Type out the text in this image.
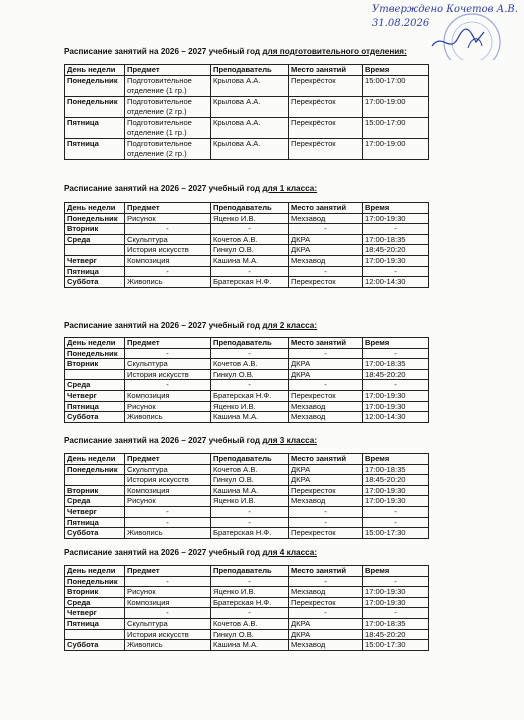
Утверждено Кочетов А.В.
31.08.2026
Расписание занятий на 2026 – 2027 учебный год для подготовительного отделения:
День недели	Предмет	Преподаватель	Место занятий	Время
Понедельник	Подготовительное отделение (1 гр.)	Крылова А.А.	Перекрёсток	15:00-17:00
Понедельник	Подготовительное отделение (2 гр.)	Крылова А.А.	Перекрёсток	17:00-19:00
Пятница	Подготовительное отделение (1 гр.)	Крылова А.А.	Перекрёсток	15:00-17:00
Пятница	Подготовительное отделение (2 гр.)	Крылова А.А.	Перекрёсток	17:00-19:00
Расписание занятий на 2026 – 2027 учебный год для 1 класса:
День недели	Предмет	Преподаватель	Место занятий	Время
Понедельник	Рисунок	Яценко И.В.	Мехзавод	17:00-19:30
Вторник	-	-	-	-
Среда	Скульптура	Кочетов А.В.	ДКРА	17:00-18:35
	История искусств	Гинкул О.В.	ДКРА	18:45-20:20
Четверг	Композиция	Кашина М.А.	Мехзавод	17:00-19:30
Пятница	-	-	-	-
Суббота	Живопись	Братерская Н.Ф.	Перекресток	12:00-14:30
Расписание занятий на 2026 – 2027 учебный год для 2 класса:
День недели	Предмет	Преподаватель	Место занятий	Время
Понедельник	-	-	-	-
Вторник	Скульптура	Кочетов А.В.	ДКРА	17:00-18:35
	История искусств	Гинкул О.В.	ДКРА	18:45-20:20
Среда	-	-	-	-
Четверг	Композиция	Братерская Н.Ф.	Перекресток	17:00-19:30
Пятница	Рисунок	Яценко И.В.	Мехзавод	17:00-19:30
Суббота	Живопись	Кашина М.А.	Мехзавод	12:00-14:30
Расписание занятий на 2026 – 2027 учебный год для 3 класса:
День недели	Предмет	Преподаватель	Место занятий	Время
Понедельник	Скульптура	Кочетов А.В.	ДКРА	17:00-18:35
	История искусств	Гинкул О.В.	ДКРА	18:45-20:20
Вторник	Композиция	Кашина М.А.	Перекресток	17:00-19:30
Среда	Рисунок	Яценко И.В.	Мехзавод	17:00-19:30
Четверг	-	-	-	-
Пятница	-	-	-	-
Суббота	Живопись	Братерская Н.Ф.	Перекресток	15:00-17:30
Расписание занятий на 2026 – 2027 учебный год для 4 класса:
День недели	Предмет	Преподаватель	Место занятий	Время
Понедельник	-	-	-	-
Вторник	Рисунок	Яценко И.В.	Мехзавод	17:00-19:30
Среда	Композиция	Братерская Н.Ф.	Перекресток	17:00-19:30
Четверг	-	-	-	-
Пятница	Скульптура	Кочетов А.В.	ДКРА	17:00-18:35
	История искусств	Гинкул О.В.	ДКРА	18:45-20:20
Суббота	Живопись	Кашина М.А.	Мехзавод	15:00-17:30
